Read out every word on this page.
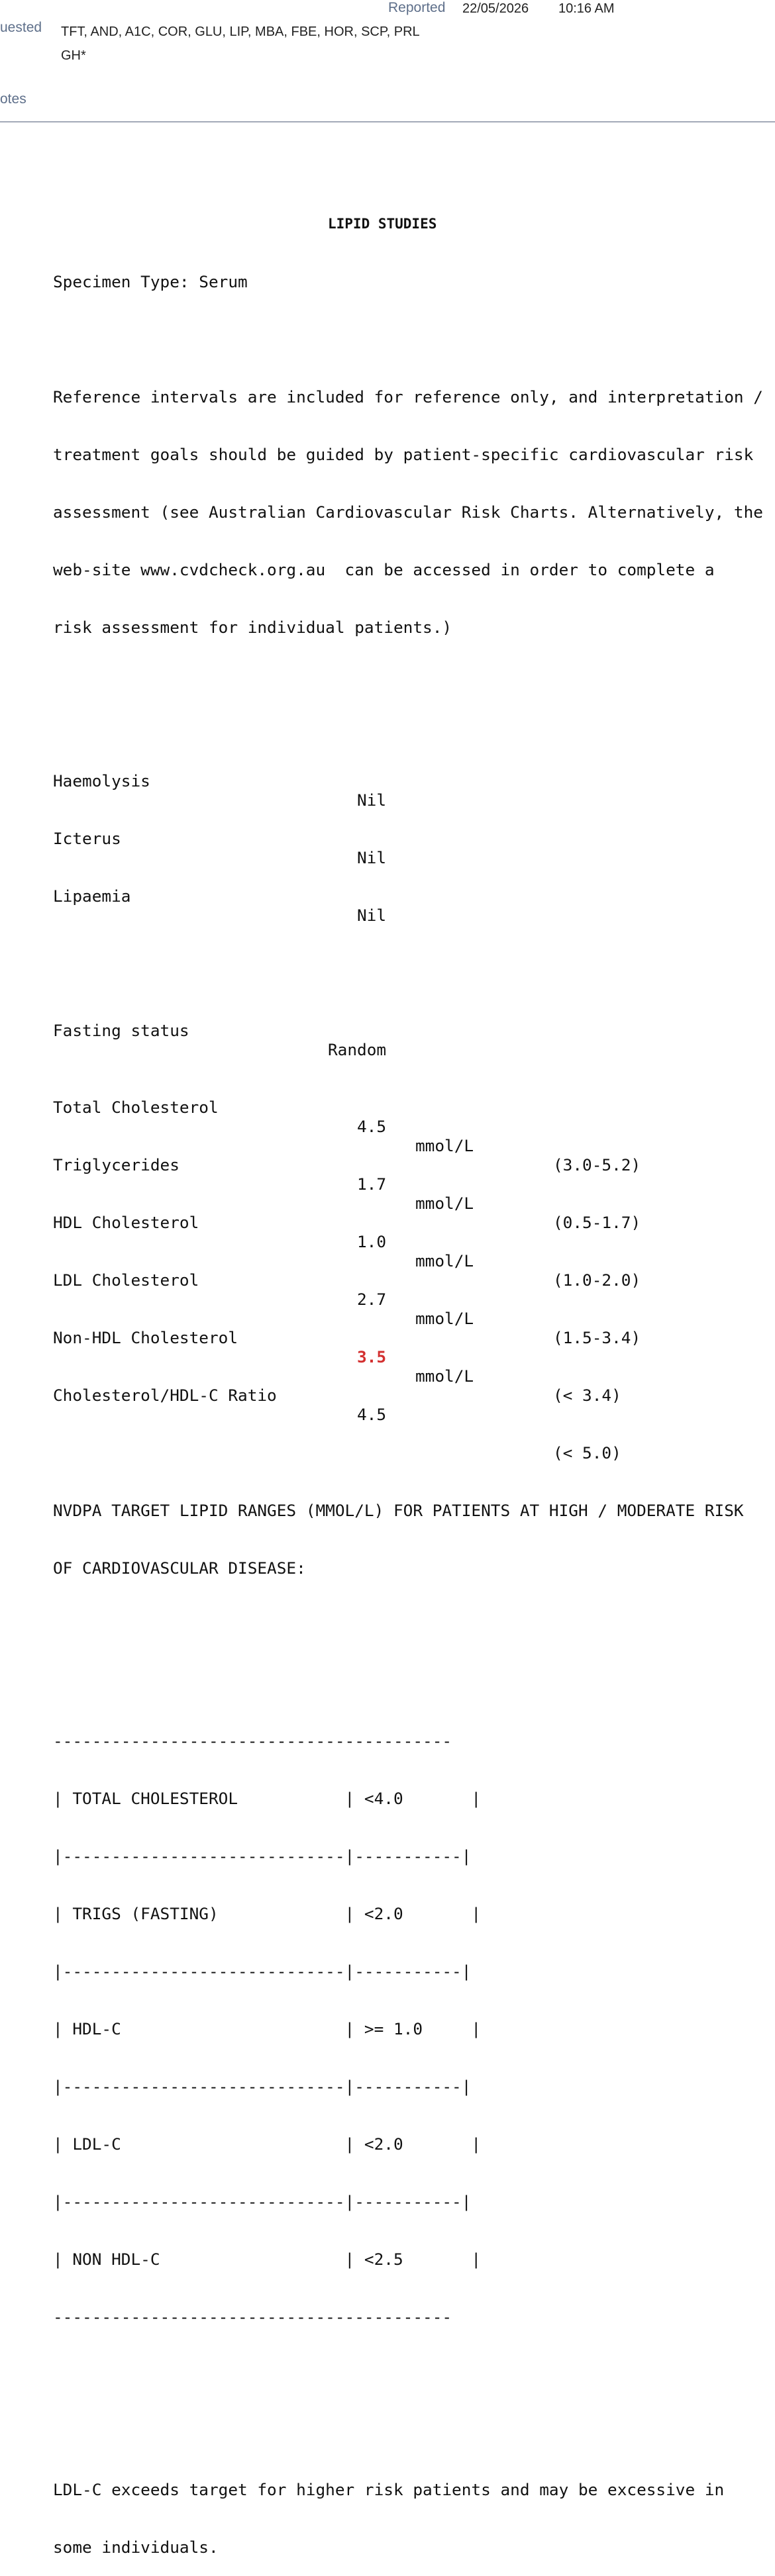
Reported 22/05/2026 10:16 AM
uested TFT, AND, A1C, COR, GLU, LIP, MBA, FBE, HOR, SCP, PRL
GH*
otes

LIPID STUDIES

Specimen Type: Serum

Reference intervals are included for reference only, and interpretation /

treatment goals should be guided by patient-specific cardiovascular risk

assessment (see Australian Cardiovascular Risk Charts. Alternatively, the

web-site www.cvdcheck.org.au  can be accessed in order to complete a

risk assessment for individual patients.)

Haemolysis

Nil

Icterus

Nil

Lipaemia

Nil

Fasting status

Random

Total Cholesterol

4.5

mmol/L

(3.0-5.2)

Triglycerides

1.7

mmol/L

(0.5-1.7)

HDL Cholesterol

1.0

mmol/L

(1.0-2.0)

LDL Cholesterol

2.7

mmol/L

(1.5-3.4)

Non-HDL Cholesterol

3.5

mmol/L

(< 3.4)

Cholesterol/HDL-C Ratio

4.5

(< 5.0)

NVDPA TARGET LIPID RANGES (MMOL/L) FOR PATIENTS AT HIGH / MODERATE RISK

OF CARDIOVASCULAR DISEASE:

-----------------------------------------

| TOTAL CHOLESTEROL           | <4.0       |

|-----------------------------|-----------|

| TRIGS (FASTING)             | <2.0       |

|-----------------------------|-----------|

| HDL-C                       | >= 1.0     |

|-----------------------------|-----------|

| LDL-C                       | <2.0       |

|-----------------------------|-----------|

| NON HDL-C                   | <2.5       |

-----------------------------------------

LDL-C exceeds target for higher risk patients and may be excessive in

some individuals.
